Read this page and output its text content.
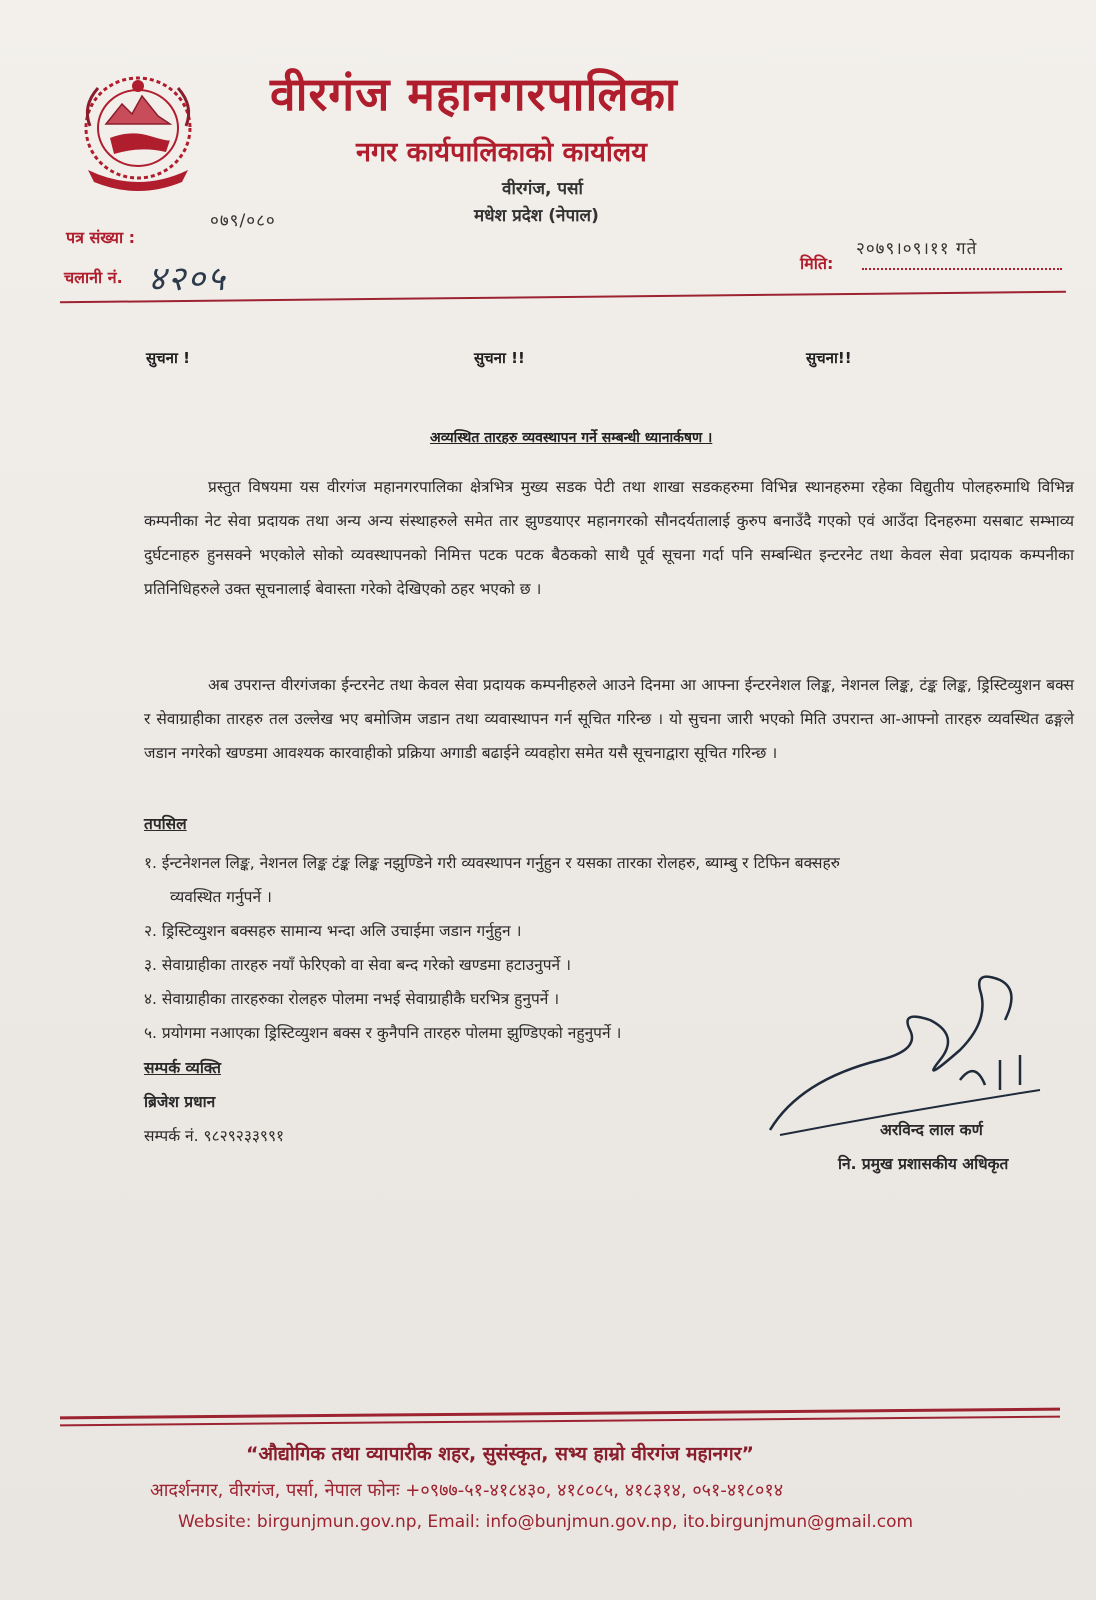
वीरगंज महानगरपालिका
नगर कार्यपालिकाको कार्यालय
वीरगंज, पर्सा
मधेश प्रदेश (नेपाल)
पत्र संख्या :
०७९/०८०
चलानी नं. ४२०५	मिति:
२०७९।०९।११ गते
सुचना !	सुचना !!	सुचना!!
अव्यस्थित तारहरु व्यवस्थापन गर्ने सम्बन्धी ध्यानार्कषण ।

प्रस्तुत विषयमा यस वीरगंज महानगरपालिका क्षेत्रभित्र मुख्य सडक पेटी तथा शाखा सडकहरुमा विभिन्न स्थानहरुमा रहेका विद्युतीय पोलहरुमाथि विभिन्न कम्पनीका नेट सेवा प्रदायक तथा अन्य अन्य संस्थाहरुले समेत तार झुण्डयाएर महानगरको सौनदर्यतालाई कुरुप बनाउँदै गएको एवं आउँदा दिनहरुमा यसबाट सम्भाव्य दुर्घटनाहरु हुनसक्ने भएकोले सोको व्यवस्थापनको निमित्त पटक पटक बैठकको साथै पूर्व सूचना गर्दा पनि सम्बन्धित इन्टरनेट तथा केवल सेवा प्रदायक कम्पनीका प्रतिनिधिहरुले उक्त सूचनालाई बेवास्ता गरेको देखिएको ठहर भएको छ ।

अब उपरान्त वीरगंजका ईन्टरनेट तथा केवल सेवा प्रदायक कम्पनीहरुले आउने दिनमा आ आफ्ना ईन्टरनेशल लिङ्क, नेशनल लिङ्क, टंङ्क लिङ्क, ड्रिस्टिव्युशन बक्स र सेवाग्राहीका तारहरु तल उल्लेख भए बमोजिम जडान तथा व्यवास्थापन गर्न सूचित गरिन्छ । यो सुचना जारी भएको मिति उपरान्त आ-आफ्नो तारहरु व्यवस्थित ढङ्गले जडान नगरेको खण्डमा आवश्यक कारवाहीको प्रक्रिया अगाडी बढाईने व्यवहोरा समेत यसै सूचनाद्वारा सूचित गरिन्छ ।

तपसिल

१. ईन्टनेशनल लिङ्क, नेशनल लिङ्क टंङ्क लिङ्क नझुण्डिने गरी व्यवस्थापन गर्नुहुन र यसका तारका रोलहरु, ब्याम्बु र टिफिन बक्सहरु

व्यवस्थित गर्नुपर्ने ।

२. ड्रिस्टिव्युशन बक्सहरु सामान्य भन्दा अलि उचाईमा जडान गर्नुहुन ।

३. सेवाग्राहीका तारहरु नयाँ फेरिएको वा सेवा बन्द गरेको खण्डमा हटाउनुपर्ने ।

४. सेवाग्राहीका तारहरुका रोलहरु पोलमा नभई सेवाग्राहीकै घरभित्र हुनुपर्ने ।

५. प्रयोगमा नआएका ड्रिस्टिव्युशन बक्स र कुनैपनि तारहरु पोलमा झुण्डिएको नहुनुपर्ने ।

सम्पर्क व्यक्ति
ब्रिजेश प्रधान
सम्पर्क नं. ९८२९२३३९९१	अरविन्द लाल कर्ण
नि. प्रमुख प्रशासकीय अधिकृत
“औद्योगिक तथा व्यापारीक शहर, सुसंस्कृत, सभ्य हाम्रो वीरगंज महानगर”
आदर्शनगर, वीरगंज, पर्सा, नेपाल फोनः +०९७७-५१-४१८४३०, ४१८०८५, ४१८३१४, ०५१-४१८०१४
Website: birgunjmun.gov.np, Email: info@bunjmun.gov.np, ito.birgunjmun@gmail.com
